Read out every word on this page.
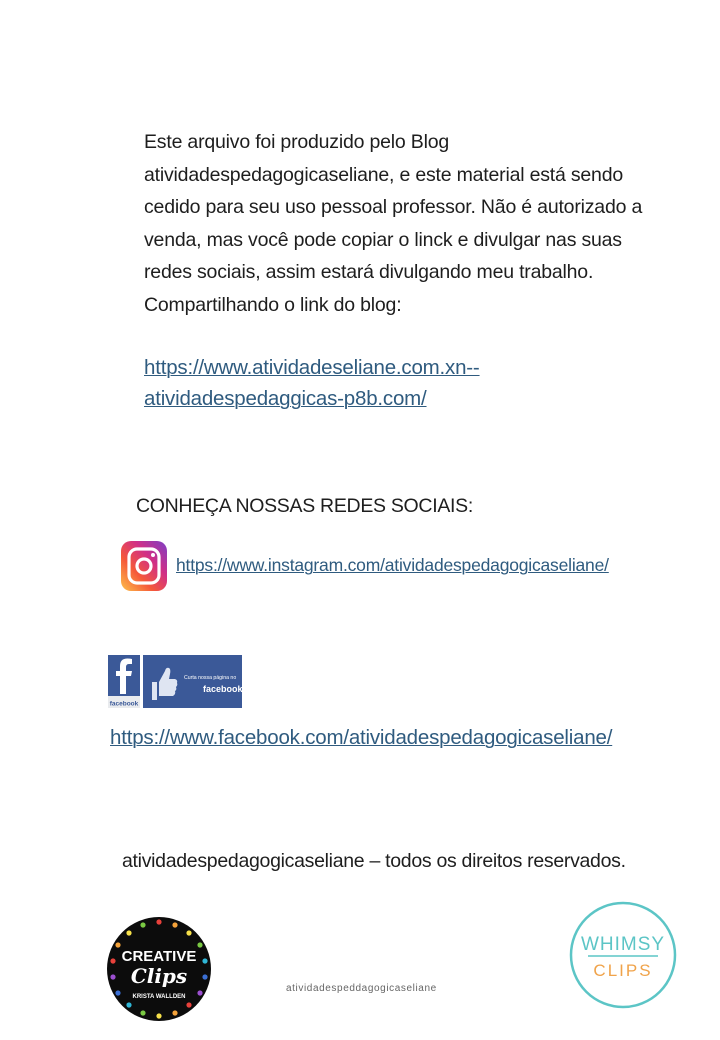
Este arquivo foi produzido pelo Blog
atividadespedagogicaseliane, e este material está sendo
cedido para seu uso pessoal professor. Não é autorizado a
venda, mas você pode copiar o linck e divulgar nas suas
redes sociais, assim estará divulgando meu trabalho.
Compartilhando o link do blog:
https://www.atividadeseliane.com.xn--
atividadespedaggicas-p8b.com/
CONHEÇA NOSSAS REDES SOCIAIS:
https://www.instagram.com/atividadespedagogicaseliane/
facebook
Curta nossa página no
facebook
https://www.facebook.com/atividadespedagogicaseliane/
atividadespedagogicaseliane – todos os direitos reservados.
CREATIVE
Clips
KRISTA WALLDEN
atividadespeddagogicaseliane
WHIMSY
CLIPS
